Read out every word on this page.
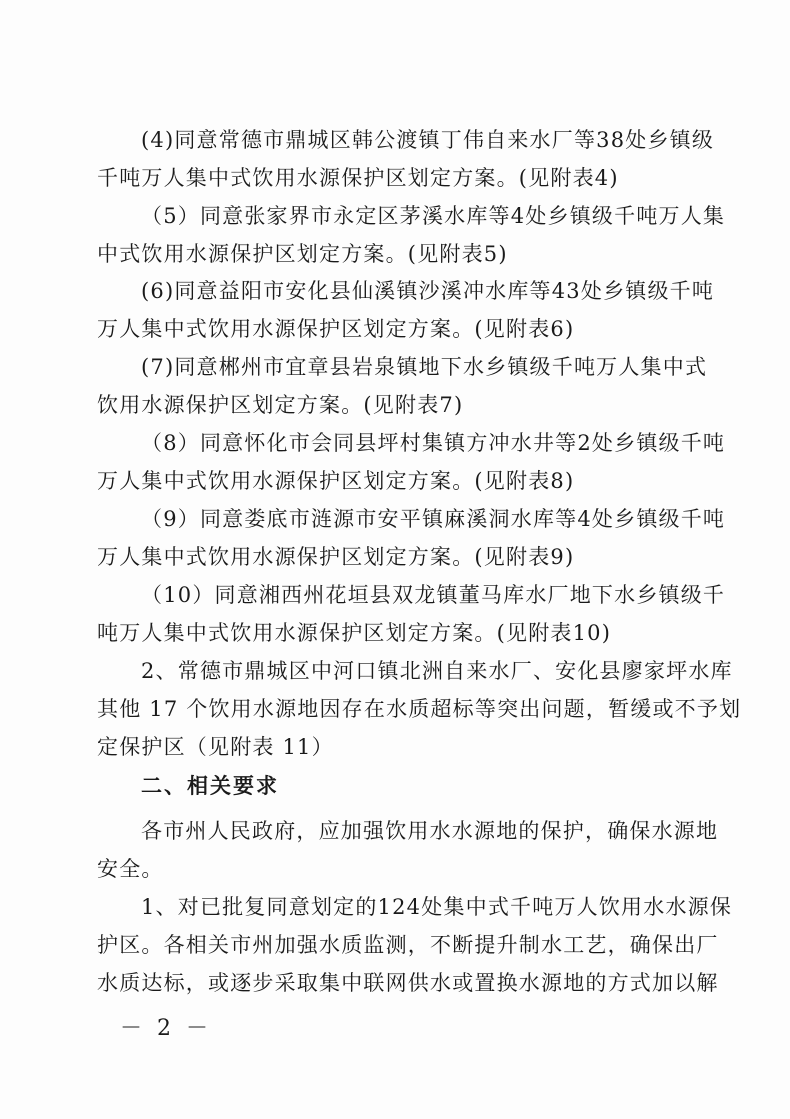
(4)同意常德市鼎城区韩公渡镇丁伟自来水厂等38处乡镇级
千吨万人集中式饮用水源保护区划定方案。(见附表4)
（5）同意张家界市永定区茅溪水库等4处乡镇级千吨万人集
中式饮用水源保护区划定方案。(见附表5)
(6)同意益阳市安化县仙溪镇沙溪冲水库等43处乡镇级千吨
万人集中式饮用水源保护区划定方案。(见附表6)
(7)同意郴州市宜章县岩泉镇地下水乡镇级千吨万人集中式
饮用水源保护区划定方案。(见附表7)
（8）同意怀化市会同县坪村集镇方冲水井等2处乡镇级千吨
万人集中式饮用水源保护区划定方案。(见附表8)
（9）同意娄底市涟源市安平镇麻溪洞水库等4处乡镇级千吨
万人集中式饮用水源保护区划定方案。(见附表9)
（10）同意湘西州花垣县双龙镇董马库水厂地下水乡镇级千
吨万人集中式饮用水源保护区划定方案。(见附表10)
2、常德市鼎城区中河口镇北洲自来水厂、安化县廖家坪水库
其他 17 个饮用水源地因存在水质超标等突出问题，暂缓或不予划
定保护区（见附表 11）
二、相关要求
各市州人民政府，应加强饮用水水源地的保护，确保水源地
安全。
1、对已批复同意划定的124处集中式千吨万人饮用水水源保
护区。各相关市州加强水质监测，不断提升制水工艺，确保出厂
水质达标，或逐步采取集中联网供水或置换水源地的方式加以解
－ 2 －
